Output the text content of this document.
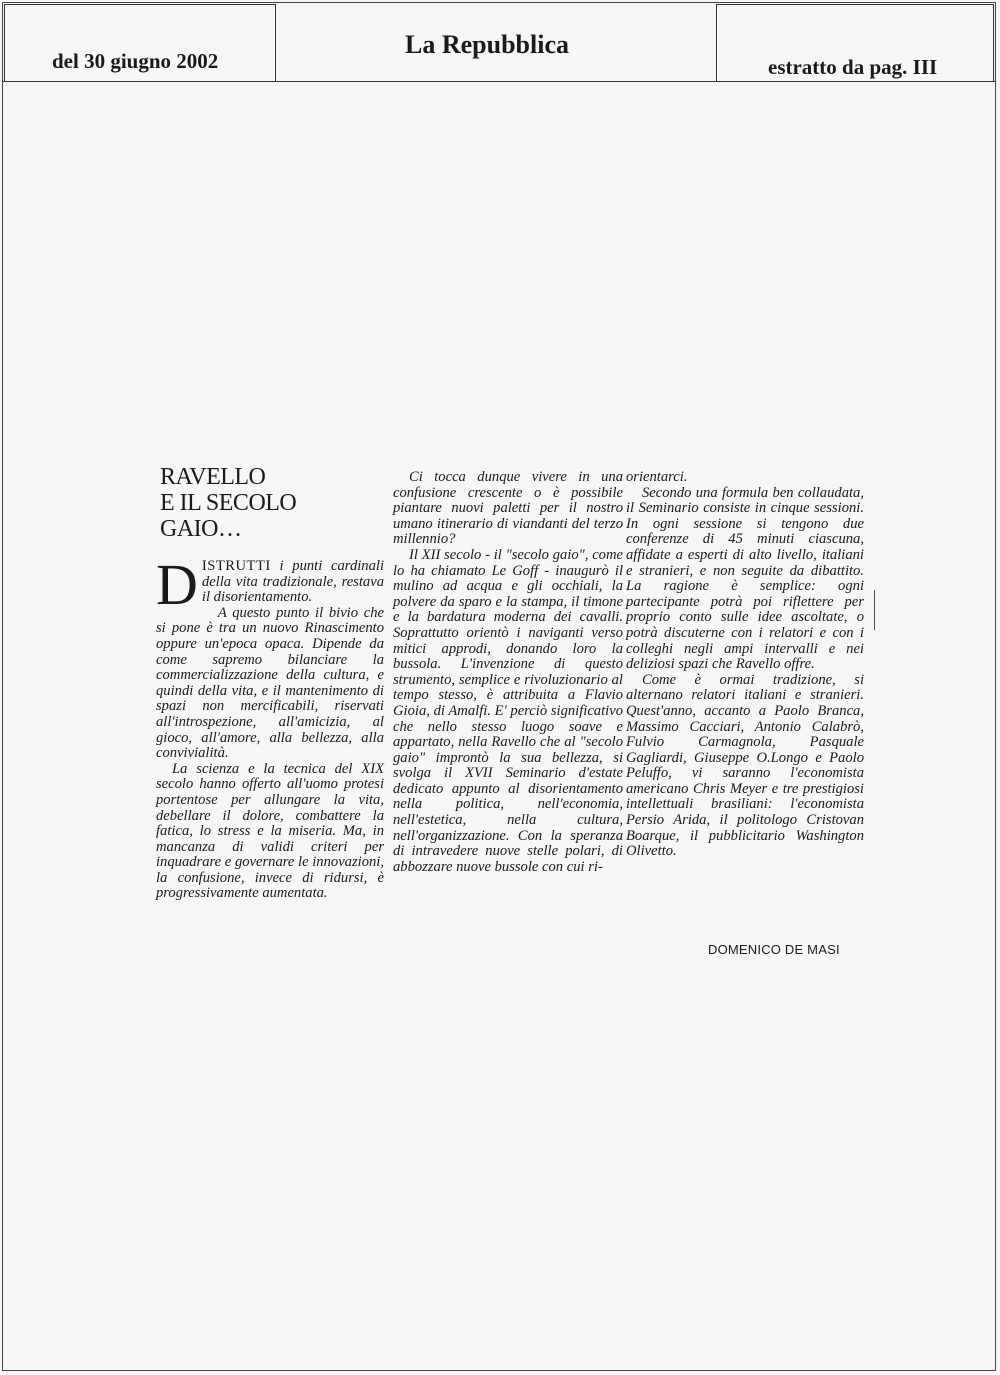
del 30 giugno 2002
La Repubblica
estratto da pag. III
RAVELLO
E IL SECOLO
GAIO…

DISTRUTTI i punti cardinali della vita tradizionale, restava il disorientamento.

A questo punto il bivio che si pone è tra un nuovo Rinascimento oppure un'epoca opaca. Dipende da come sapremo bilanciare la commercializzazione della cultura, e quindi della vita, e il mantenimento di spazi non mercificabili, riservati all'introspezione, all'amicizia, al gioco, all'amore, alla bellezza, alla convivialità.

La scienza e la tecnica del XIX secolo hanno offerto all'uomo protesi portentose per allungare la vita, debellare il dolore, combattere la fatica, lo stress e la miseria. Ma, in mancanza di validi criteri per inquadrare e governare le innovazioni, la confusione, invece di ridursi, è progressivamente aumentata.

Ci tocca dunque vivere in una confusione crescente o è possibile piantare nuovi paletti per il nostro umano itinerario di viandanti del terzo millennio?

Il XII secolo - il "secolo gaio", come lo ha chiamato Le Goff - inaugurò il mulino ad acqua e gli occhiali, la polvere da sparo e la stampa, il timone e la bardatura moderna dei cavalli. Soprattutto orientò i naviganti verso mitici approdi, donando loro la bussola. L'invenzione di questo strumento, semplice e rivoluzionario al tempo stesso, è attribuita a Flavio Gioia, di Amalfi. E' perciò significativo che nello stesso luogo soave e appartato, nella Ravello che al "secolo gaio" improntò la sua bellezza, si svolga il XVII Seminario d'estate dedicato appunto al disorientamento nella politica, nell'economia, nell'estetica, nella cultura, nell'organizzazione. Con la speranza di intravedere nuove stelle polari, di abbozzare nuove bussole con cui ri-

orientarci.

Secondo una formula ben collaudata, il Seminario consiste in cinque sessioni. In ogni sessione si tengono due conferenze di 45 minuti ciascuna, affidate a esperti di alto livello, italiani e stranieri, e non seguite da dibattito. La ragione è semplice: ogni partecipante potrà poi riflettere per proprio conto sulle idee ascoltate, o potrà discuterne con i relatori e con i colleghi negli ampi intervalli e nei deliziosi spazi che Ravello offre.

Come è ormai tradizione, si alternano relatori italiani e stranieri. Quest'anno, accanto a Paolo Branca, Massimo Cacciari, Antonio Calabrò, Fulvio Carmagnola, Pasquale Gagliardi, Giuseppe O.Longo e Paolo Peluffo, vi saranno l'economista americano Chris Meyer e tre prestigiosi intellettuali brasiliani: l'economista Persio Arida, il politologo Cristovan Boarque, il pubblicitario Washington Olivetto.

DOMENICO DE MASI
